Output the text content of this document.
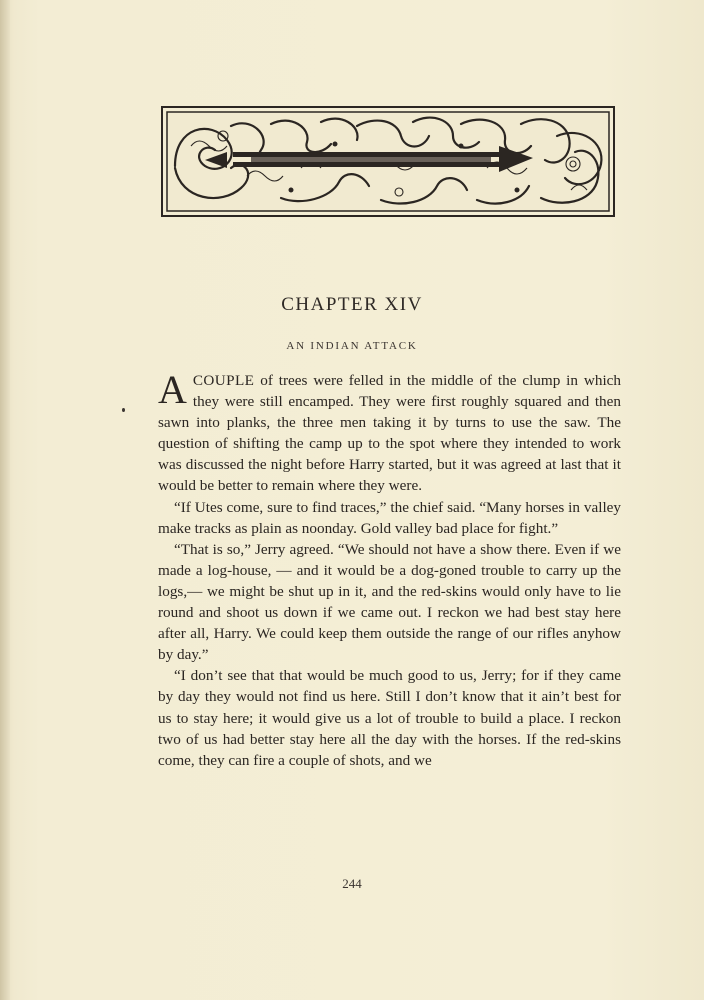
CHAPTER XIV
AN INDIAN ATTACK

ACOUPLE of trees were felled in the middle of the clump in which they were still encamped. They were first roughly squared and then sawn into planks, the three men taking it by turns to use the saw. The question of shifting the camp up to the spot where they intended to work was discussed the night before Harry started, but it was agreed at last that it would be better to remain where they were.

“If Utes come, sure to find traces,” the chief said. “Many horses in valley make tracks as plain as noonday. Gold valley bad place for fight.”

“That is so,” Jerry agreed. “We should not have a show there. Even if we made a log-house, — and it would be a dog-goned trouble to carry up the logs,— we might be shut up in it, and the red-skins would only have to lie round and shoot us down if we came out. I reckon we had best stay here after all, Harry. We could keep them outside the range of our rifles anyhow by day.”

“I don’t see that that would be much good to us, Jerry; for if they came by day they would not find us here. Still I don’t know that it ain’t best for us to stay here; it would give us a lot of trouble to build a place. I reckon two of us had better stay here all the day with the horses. If the red-skins come, they can fire a couple of shots, and we

244
